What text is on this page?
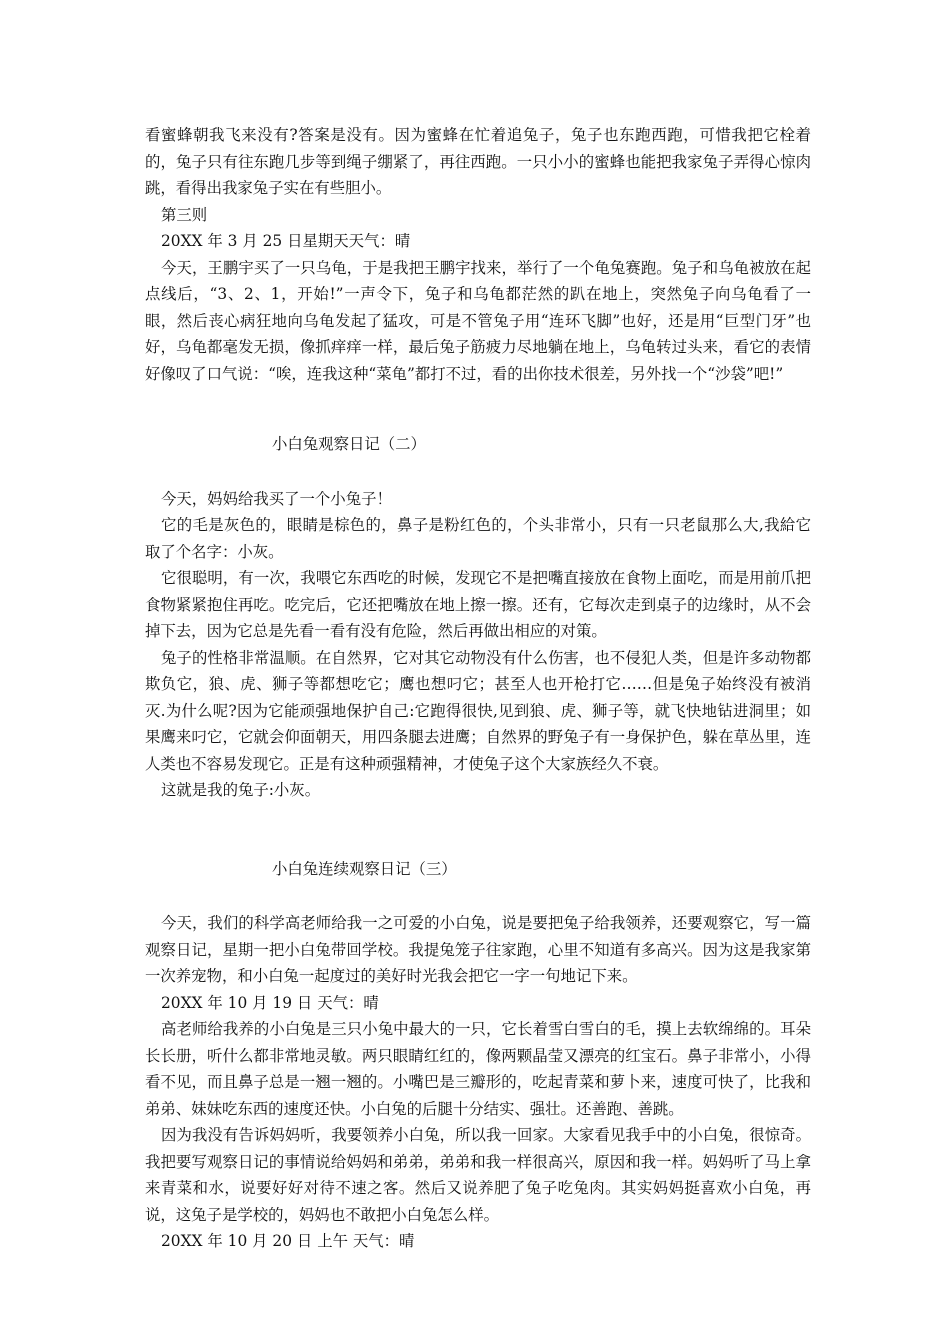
看蜜蜂朝我飞来没有?答案是没有。因为蜜蜂在忙着追兔子，兔子也东跑西跑，可惜我把它栓着的，兔子只有往东跑几步等到绳子绷紧了，再往西跑。一只小小的蜜蜂也能把我家兔子弄得心惊肉跳，看得出我家兔子实在有些胆小。

第三则

20XX 年 3 月 25 日星期天天气：晴

今天，王鹏宇买了一只乌龟，于是我把王鹏宇找来，举行了一个龟兔赛跑。兔子和乌龟被放在起点线后，“3、2、1，开始!”一声令下，兔子和乌龟都茫然的趴在地上，突然兔子向乌龟看了一眼，然后丧心病狂地向乌龟发起了猛攻，可是不管兔子用“连环飞脚”也好，还是用“巨型门牙”也好，乌龟都毫发无损，像抓痒痒一样，最后兔子筋疲力尽地躺在地上，乌龟转过头来，看它的表情好像叹了口气说：“唉，连我这种“菜龟”都打不过，看的出你技术很差，另外找一个“沙袋”吧!”

小白兔观察日记（二）

今天，妈妈给我买了一个小兔子！

它的毛是灰色的，眼睛是棕色的，鼻子是粉红色的，个头非常小，只有一只老鼠那么大,我給它取了个名字：小灰。

它很聪明，有一次，我喂它东西吃的时候，发现它不是把嘴直接放在食物上面吃，而是用前爪把食物紧紧抱住再吃。吃完后，它还把嘴放在地上擦一擦。还有，它每次走到桌子的边缘时，从不会掉下去，因为它总是先看一看有没有危险，然后再做出相应的对策。

兔子的性格非常温顺。在自然界，它对其它动物没有什么伤害，也不侵犯人类，但是许多动物都欺负它，狼、虎、狮子等都想吃它；鹰也想叼它；甚至人也开枪打它……但是兔子始终没有被消灭.为什么呢?因为它能顽强地保护自己:它跑得很快,见到狼、虎、狮子等，就飞快地钻进洞里；如果鹰来叼它，它就会仰面朝天，用四条腿去进鹰；自然界的野兔子有一身保护色，躲在草丛里，连人类也不容易发现它。正是有这种顽强精神，才使兔子这个大家族经久不衰。

这就是我的兔子:小灰。

小白兔连续观察日记（三）

今天，我们的科学高老师给我一之可爱的小白兔，说是要把兔子给我领养，还要观察它，写一篇观察日记，星期一把小白兔带回学校。我提兔笼子往家跑，心里不知道有多高兴。因为这是我家第一次养宠物，和小白兔一起度过的美好时光我会把它一字一句地记下来。

20XX 年 10 月 19 日 天气：晴

高老师给我养的小白兔是三只小兔中最大的一只，它长着雪白雪白的毛，摸上去软绵绵的。耳朵长长册，听什么都非常地灵敏。两只眼睛红红的，像两颗晶莹又漂亮的红宝石。鼻子非常小，小得看不见，而且鼻子总是一翘一翘的。小嘴巴是三瓣形的，吃起青菜和萝卜来，速度可快了，比我和弟弟、妹妹吃东西的速度还快。小白兔的后腿十分结实、强壮。还善跑、善跳。

因为我没有告诉妈妈听，我要领养小白兔，所以我一回家。大家看见我手中的小白兔，很惊奇。我把要写观察日记的事情说给妈妈和弟弟，弟弟和我一样很高兴，原因和我一样。妈妈听了马上拿来青菜和水，说要好好对待不速之客。然后又说养肥了兔子吃兔肉。其实妈妈挺喜欢小白兔，再说，这兔子是学校的，妈妈也不敢把小白兔怎么样。

20XX 年 10 月 20 日 上午 天气：晴
